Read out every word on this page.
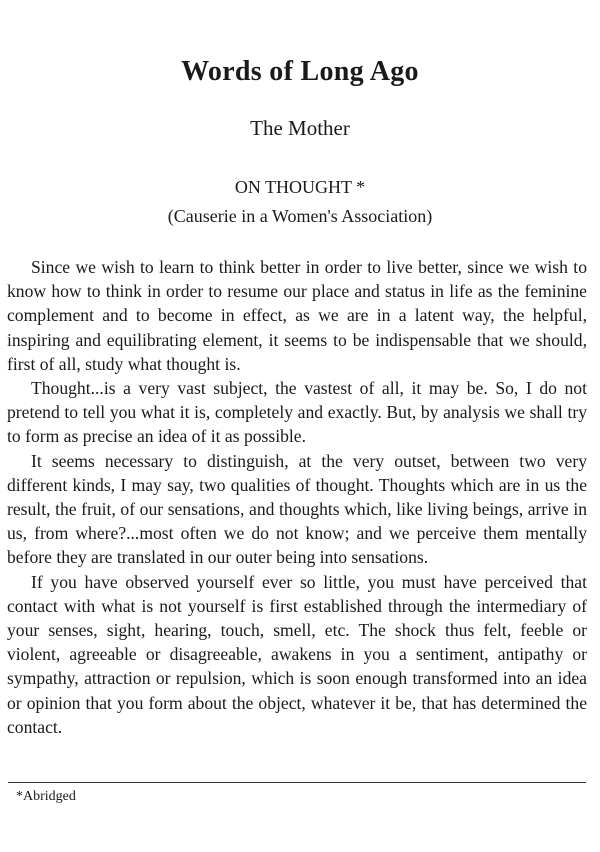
Words of Long Ago
The Mother
ON THOUGHT *
(Causerie in a Women's Association)

Since we wish to learn to think better in order to live better, since we wish to know how to think in order to resume our place and status in life as the feminine complement and to become in effect, as we are in a latent way, the helpful, inspiring and equilibrating element, it seems to be indispensable that we should, first of all, study what thought is.

Thought...is a very vast subject, the vastest of all, it may be. So, I do not pretend to tell you what it is, completely and exactly. But, by analysis we shall try to form as precise an idea of it as possible.

It seems necessary to distinguish, at the very outset, between two very different kinds, I may say, two qualities of thought. Thoughts which are in us the result, the fruit, of our sensations, and thoughts which, like living beings, arrive in us, from where?...most often we do not know; and we perceive them mentally before they are translated in our outer being into sensations.

If you have observed yourself ever so little, you must have perceived that contact with what is not yourself is first established through the intermediary of your senses, sight, hearing, touch, smell, etc. The shock thus felt, feeble or violent, agreeable or disagreeable, awakens in you a sentiment, antipathy or sympathy, attraction or repulsion, which is soon enough transformed into an idea or opinion that you form about the object, whatever it be, that has determined the contact.

*Abridged
